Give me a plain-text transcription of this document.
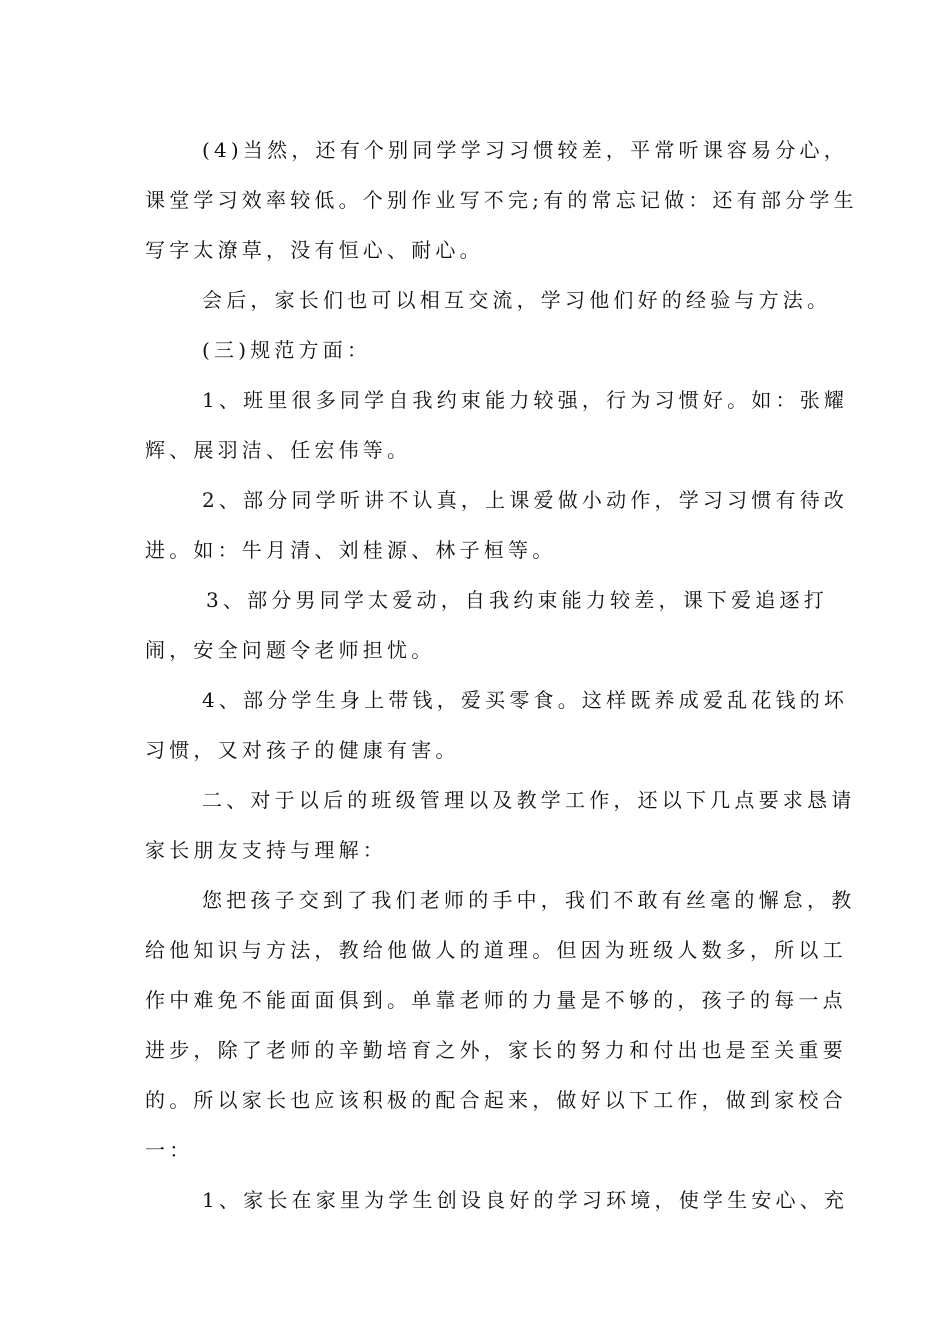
(4)当然，还有个别同学学习习惯较差，平常听课容易分心，
课堂学习效率较低。个别作业写不完;有的常忘记做：还有部分学生
写字太潦草，没有恒心、耐心。
会后，家长们也可以相互交流，学习他们好的经验与方法。
(三)规范方面：
1、班里很多同学自我约束能力较强，行为习惯好。如：张耀
辉、展羽洁、任宏伟等。
2、部分同学听讲不认真，上课爱做小动作，学习习惯有待改
进。如：牛月清、刘桂源、林子桓等。
3、部分男同学太爱动，自我约束能力较差，课下爱追逐打
闹，安全问题令老师担忧。
4、部分学生身上带钱，爱买零食。这样既养成爱乱花钱的坏
习惯，又对孩子的健康有害。
二、对于以后的班级管理以及教学工作，还以下几点要求恳请
家长朋友支持与理解：
您把孩子交到了我们老师的手中，我们不敢有丝毫的懈怠，教
给他知识与方法，教给他做人的道理。但因为班级人数多，所以工
作中难免不能面面俱到。单靠老师的力量是不够的，孩子的每一点
进步，除了老师的辛勤培育之外，家长的努力和付出也是至关重要
的。所以家长也应该积极的配合起来，做好以下工作，做到家校合
一：
1、家长在家里为学生创设良好的学习环境，使学生安心、充
